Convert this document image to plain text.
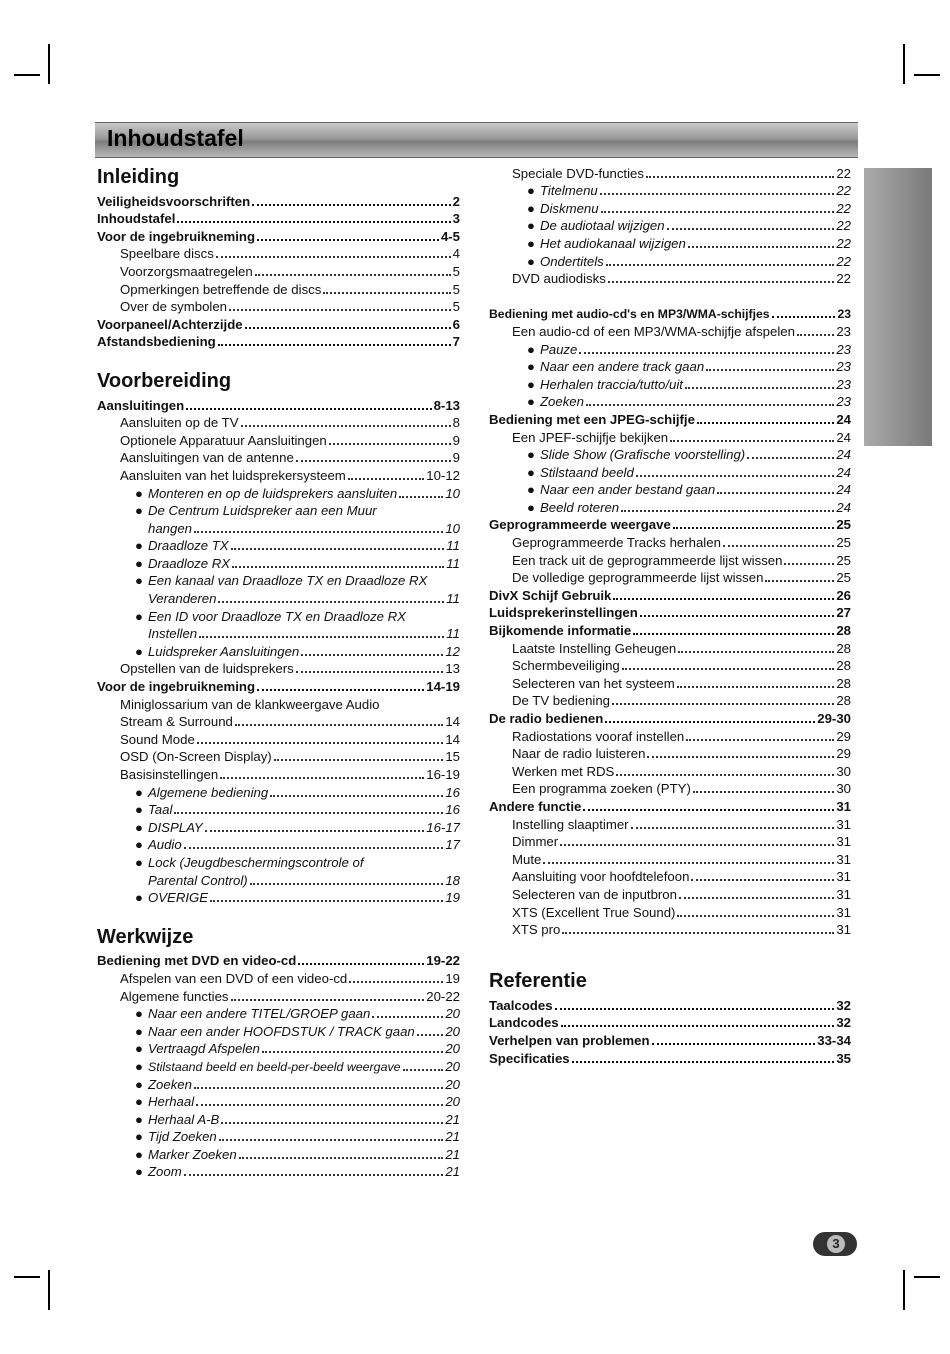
Inhoudstafel
Inleiding
Veiligheidsvoorschriften	2
Inhoudstafel	3
Voor de ingebruikneming	4-5
Speelbare discs	4
Voorzorgsmaatregelen	5
Opmerkingen betreffende de discs	5
Over de symbolen	5
Voorpaneel/Achterzijde	6
Afstandsbediening	7
Voorbereiding
Aansluitingen	8-13
Aansluiten op de TV	8
Optionele Apparatuur Aansluitingen	9
Aansluitingen van de antenne	9
Aansluiten van het luidsprekersysteem	10-12
● Monteren en op de luidsprekers aansluiten	10
● De Centrum Luidspreker aan een Muur
hangen	10
● Draadloze TX	11
● Draadloze RX	11
● Een kanaal van Draadloze TX en Draadloze RX
Veranderen	11
● Een ID voor Draadloze TX en Draadloze RX
Instellen	11
● Luidspreker Aansluitingen	12
Opstellen van de luidsprekers	13
Voor de ingebruikneming	14-19
Miniglossarium van de klankweergave Audio
Stream & Surround	14
Sound Mode	14
OSD (On-Screen Display)	15
Basisinstellingen	16-19
● Algemene bediening	16
● Taal	16
● DISPLAY	16-17
● Audio	17
● Lock (Jeugdbeschermingscontrole of
Parental Control)	18
● OVERIGE	19
Werkwijze
Bediening met DVD en video-cd	19-22
Afspelen van een DVD of een video-cd	19
Algemene functies	20-22
● Naar een andere TITEL/GROEP gaan	20
● Naar een ander HOOFDSTUK / TRACK gaan 20
● Vertraagd Afspelen	20
● Stilstaand beeld en beeld-per-beeld weergave	20
● Zoeken	20
● Herhaal	20
● Herhaal A-B	21
● Tijd Zoeken	21
● Marker Zoeken	21
● Zoom	21
Speciale DVD-functies	22
● Titelmenu	22
● Diskmenu	22
● De audiotaal wijzigen	22
● Het audiokanaal wijzigen	22
● Ondertitels	22
DVD audiodisks	22
Bediening met audio-cd's en MP3/WMA-schijfjes	23
Een audio-cd of een MP3/WMA-schijfje afspelen	23
● Pauze	23
● Naar een andere track gaan	23
● Herhalen traccia/tutto/uit	23
● Zoeken	23
Bediening met een JPEG-schijfje	24
Een JPEF-schijfje bekijken	24
● Slide Show (Grafische voorstelling)	24
● Stilstaand beeld	24
● Naar een ander bestand gaan	24
● Beeld roteren	24
Geprogrammeerde weergave	25
Geprogrammeerde Tracks herhalen	25
Een track uit de geprogrammeerde lijst wissen	25
De volledige geprogrammeerde lijst wissen	25
DivX Schijf Gebruik	26
Luidsprekerinstellingen	27
Bijkomende informatie	28
Laatste Instelling Geheugen	28
Schermbeveiliging	28
Selecteren van het systeem	28
De TV bediening	28
De radio bedienen	29-30
Radiostations vooraf instellen	29
Naar de radio luisteren	29
Werken met RDS	30
Een programma zoeken (PTY)	30
Andere functie	31
Instelling slaaptimer	31
Dimmer	31
Mute	31
Aansluiting voor hoofdtelefoon	31
Selecteren van de inputbron	31
XTS (Excellent True Sound)	31
XTS pro	31
Referentie
Taalcodes	32
Landcodes	32
Verhelpen van problemen	33-34
Specificaties	35
3
